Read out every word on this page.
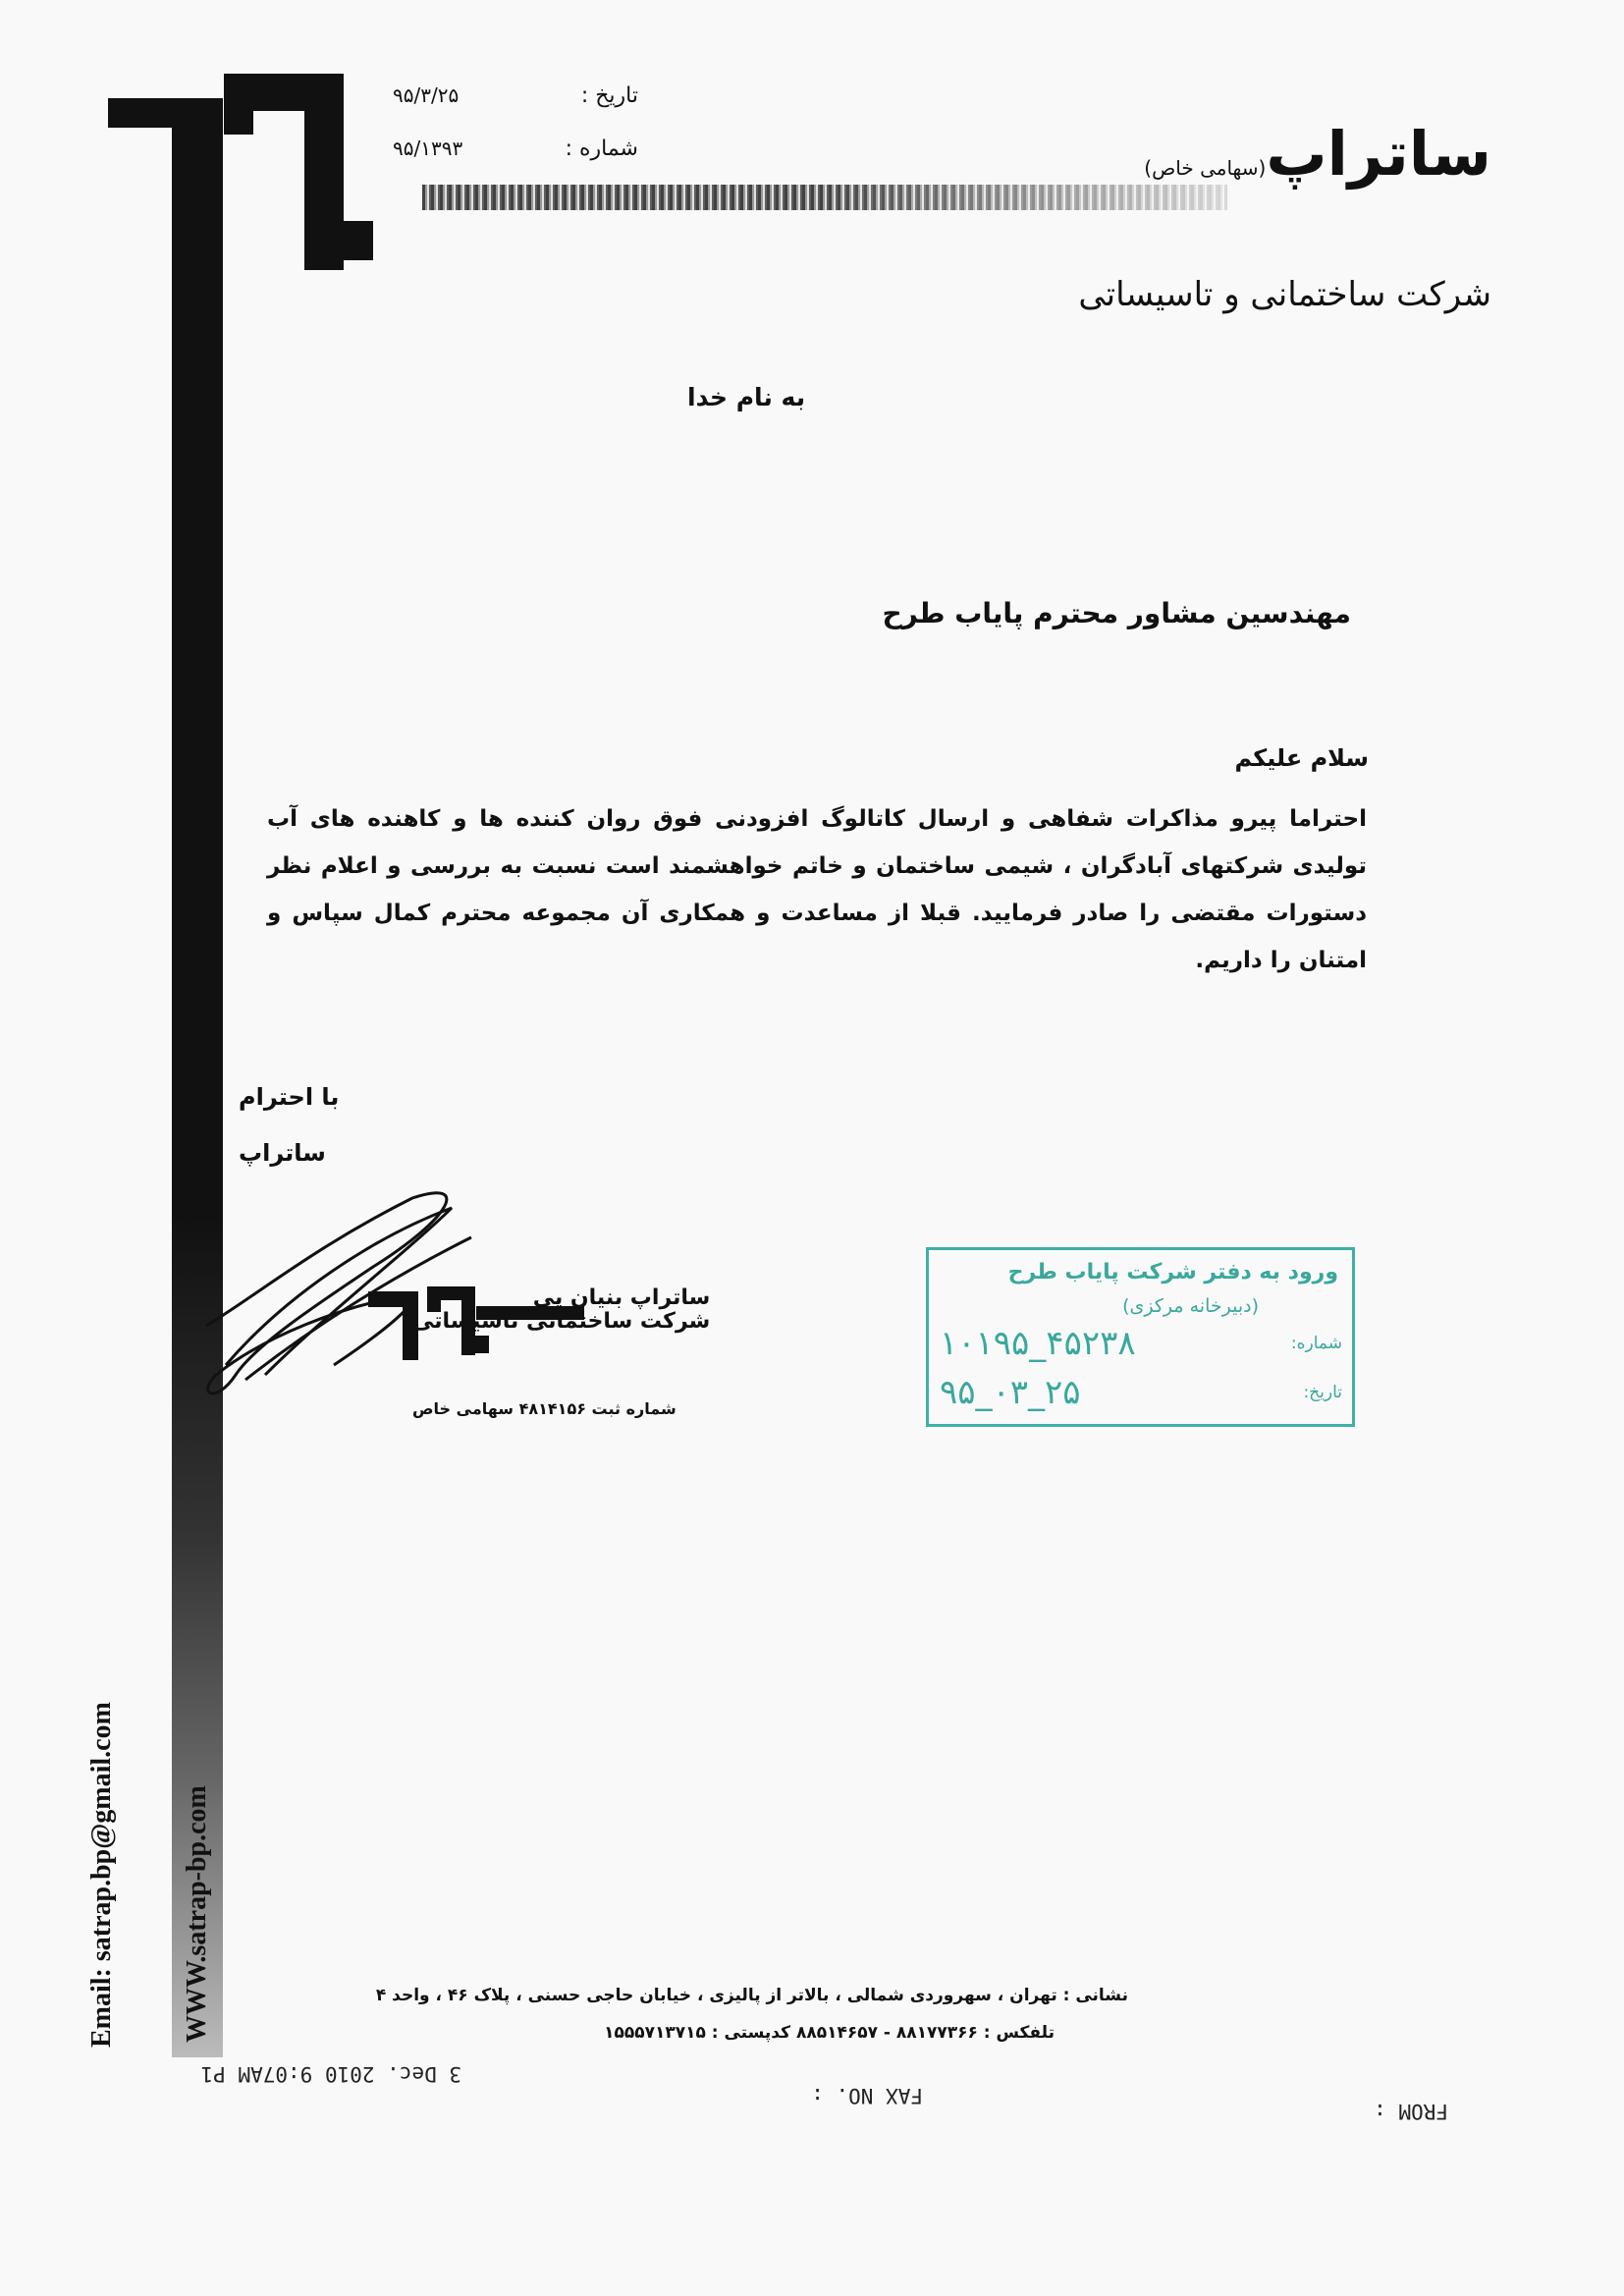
۹۵/۳/۲۵	تاریخ :
۹۵/۱۳۹۳	شماره :	ساتراپ(سهامی خاص)
شرکت ساختمانی و تاسیساتی
به نام خدا
مهندسین مشاور محترم پایاب طرح
سلام علیکم
احتراما پیرو مذاکرات شفاهی و ارسال کاتالوگ افزودنی فوق روان کننده ها و کاهنده های آب تولیدی شرکتهای آبادگران ، شیمی ساختمان و خاتم خواهشمند است نسبت به بررسی و اعلام نظر دستورات مقتضی را صادر فرمایید. قبلا از مساعدت و همکاری آن مجموعه محترم کمال سپاس و امتنان را داریم.
با احترام
ساتراپ
ساتراپ بنیان پی
شرکت ساختمانی تاسیساتی
شماره ثبت ۴۸۱۴۱۵۶ سهامی خاص
ورود به دفتر شرکت پایاب طرح
(دبیرخانه مرکزی)
۱۰۱۹۵_۴۵۲۳۸	شماره:
۹۵_۰۳_۲۵	تاریخ:
Email: satrap.bp@gmail.com WWW.satrap-bp.com	نشانی : تهران ، سهروردی شمالی ، بالاتر از پالیزی ، خیابان حاجی حسنی ، پلاک ۴۶ ، واحد ۴
تلفکس : ۸۸۱۷۷۳۶۶ - ۸۸۵۱۴۶۵۷ کدپستی : ۱۵۵۵۷۱۳۷۱۵
3 Dec. 2010 9:07AM P1
FAX NO. :
FROM :
